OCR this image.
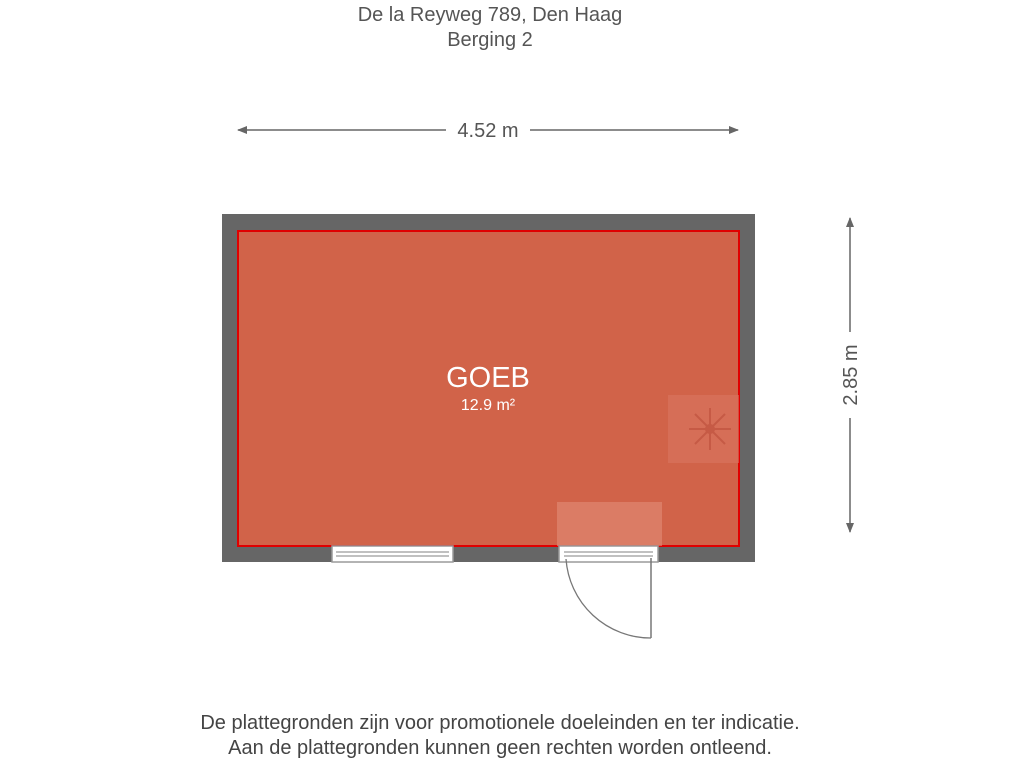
De la Reyweg 789, Den Haag
Berging 2
4.52 m
2.85 m
GOEB
12.9 m²
De plattegronden zijn voor promotionele doeleinden en ter indicatie.
Aan de plattegronden kunnen geen rechten worden ontleend.
